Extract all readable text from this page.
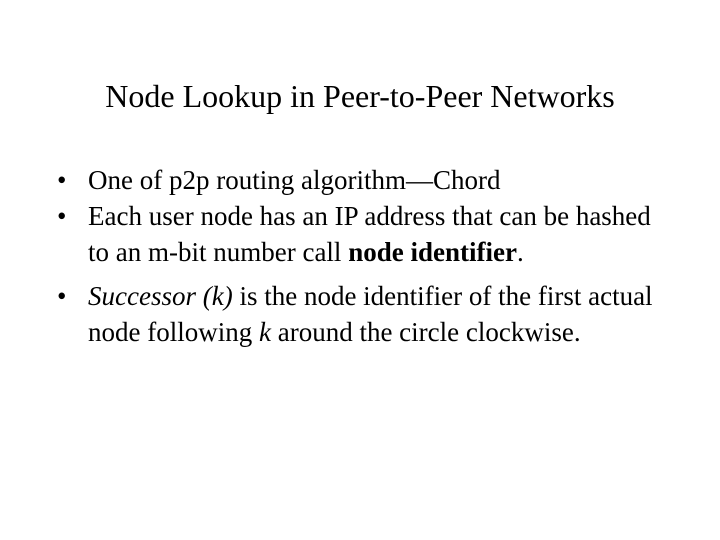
Node Lookup in Peer-to-Peer Networks
• One of p2p routing algorithm—Chord
• Each user node has an IP address that can be hashed to an m-bit number call node identifier.
• Successor (k) is the node identifier of the first actual node following k around the circle clockwise.
